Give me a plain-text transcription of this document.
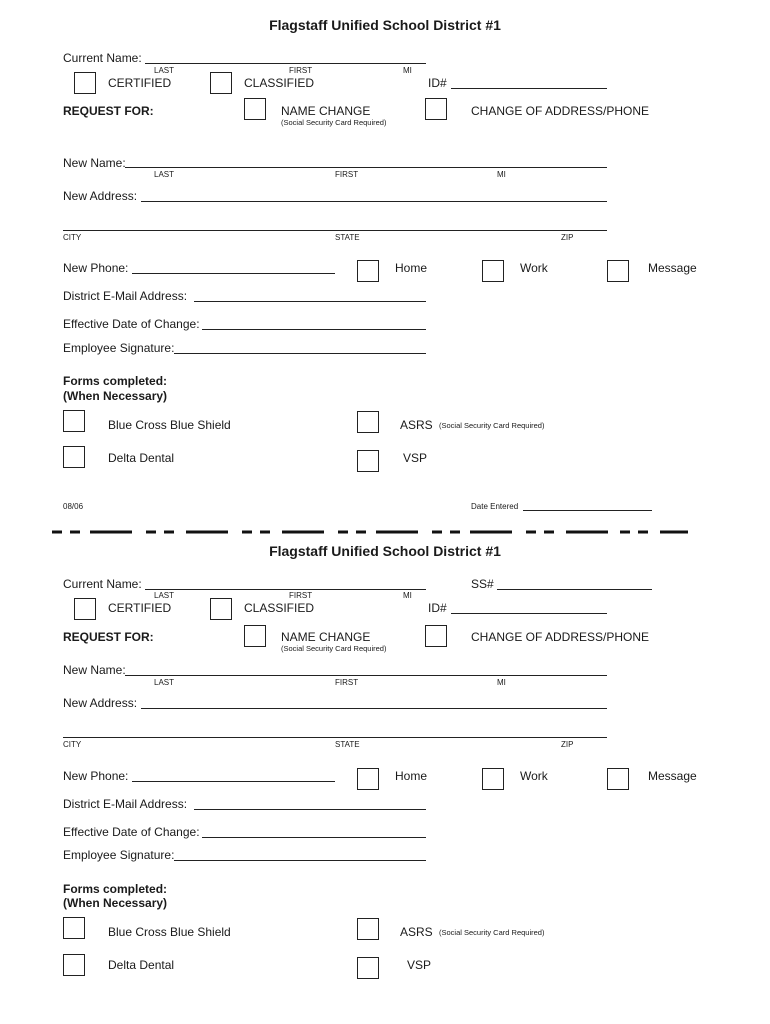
Flagstaff Unified School District #1
Current Name:
LAST	FIRST	MI
CERTIFIED	CLASSIFIED	ID#
REQUEST FOR:	NAME CHANGE
(Social Security Card Required)
CHANGE OF ADDRESS/PHONE
New Name:
LAST	FIRST	MI
New Address:
CITY	STATE	ZIP
New Phone:	Home	Work	Message
District E-Mail Address:
Effective Date of Change:
Employee Signature:
Forms completed:
(When Necessary)
Blue Cross Blue Shield	ASRS (Social Security Card Required)
Delta Dental	VSP
08/06	Date Entered
Flagstaff Unified School District #1
Current Name:	SS#
LAST	FIRST	MI
CERTIFIED	CLASSIFIED	ID#
REQUEST FOR:	NAME CHANGE
(Social Security Card Required)
CHANGE OF ADDRESS/PHONE
New Name:
LAST	FIRST	MI
New Address:
CITY	STATE	ZIP
New Phone:	Home	Work	Message
District E-Mail Address:
Effective Date of Change:
Employee Signature:
Forms completed:
(When Necessary)
Blue Cross Blue Shield	ASRS (Social Security Card Required)
Delta Dental	VSP
